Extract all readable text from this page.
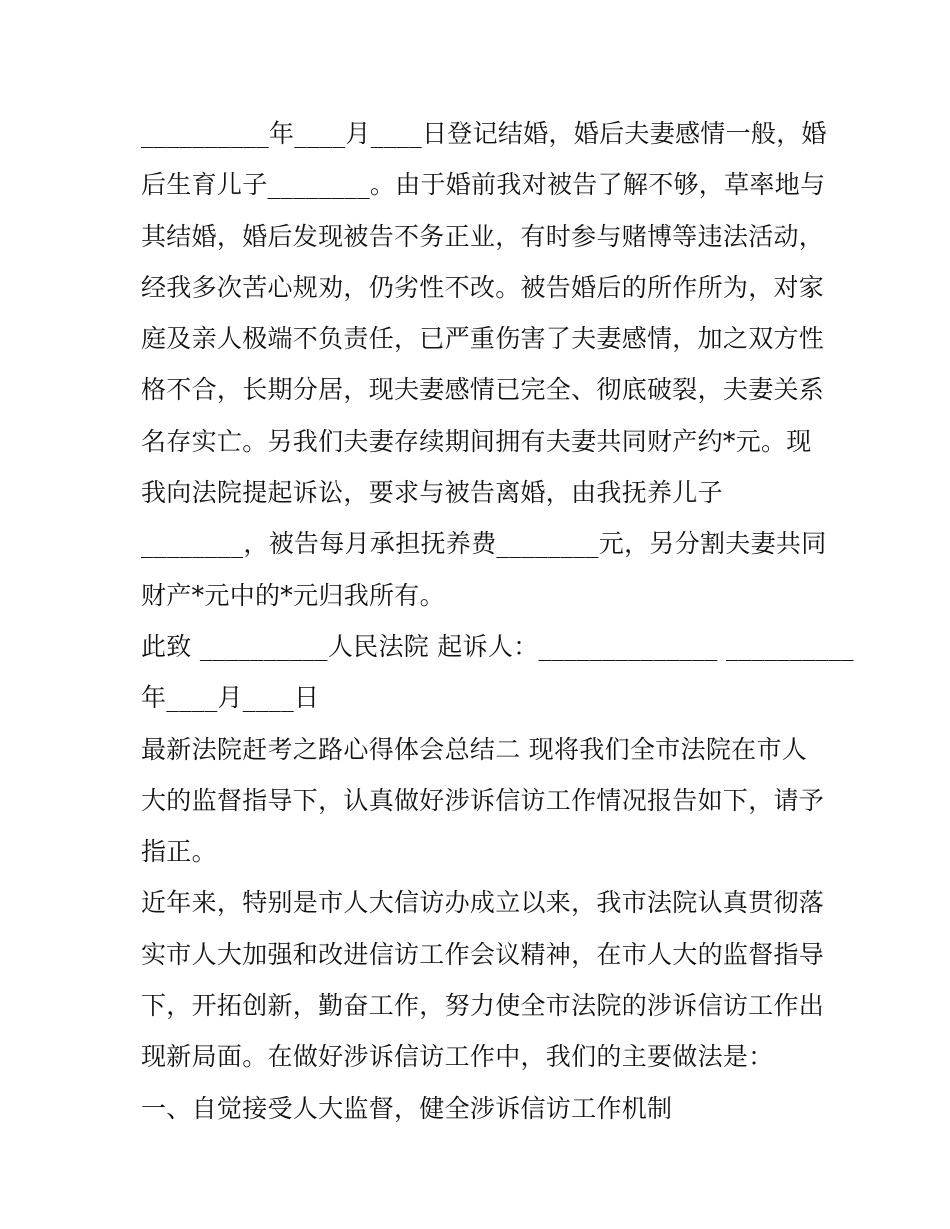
__________年____月____日登记结婚，婚后夫妻感情一般，婚
后生育儿子________。由于婚前我对被告了解不够，草率地与
其结婚，婚后发现被告不务正业，有时参与赌博等违法活动，
经我多次苦心规劝，仍劣性不改。被告婚后的所作所为，对家
庭及亲人极端不负责任，已严重伤害了夫妻感情，加之双方性
格不合，长期分居，现夫妻感情已完全、彻底破裂，夫妻关系
名存实亡。另我们夫妻存续期间拥有夫妻共同财产约*元。现
我向法院提起诉讼，要求与被告离婚，由我抚养儿子
________，被告每月承担抚养费________元，另分割夫妻共同
财产*元中的*元归我所有。
此致 __________人民法院 起诉人：______________ __________
年____月____日
最新法院赶考之路心得体会总结二 现将我们全市法院在市人
大的监督指导下，认真做好涉诉信访工作情况报告如下，请予
指正。
近年来，特别是市人大信访办成立以来，我市法院认真贯彻落
实市人大加强和改进信访工作会议精神，在市人大的监督指导
下，开拓创新，勤奋工作，努力使全市法院的涉诉信访工作出
现新局面。在做好涉诉信访工作中，我们的主要做法是：
一、自觉接受人大监督，健全涉诉信访工作机制
